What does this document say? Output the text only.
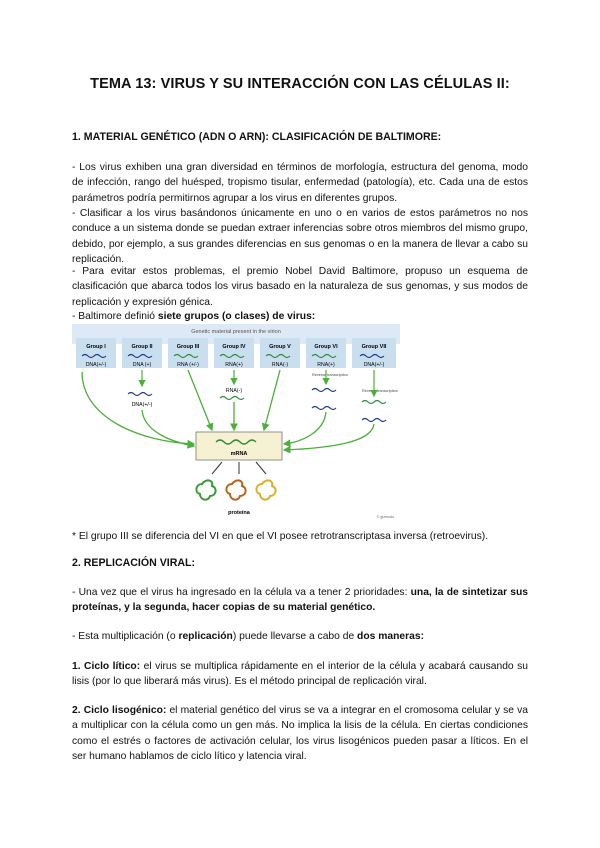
TEMA 13: VIRUS Y SU INTERACCIÓN CON LAS CÉLULAS II:
1. MATERIAL GENÉTICO (ADN O ARN): CLASIFICACIÓN DE BALTIMORE:

- Los virus exhiben una gran diversidad en términos de morfología, estructura del genoma, modo de infección, rango del huésped, tropismo tisular, enfermedad (patología), etc. Cada una de estos parámetros podría permitirnos agrupar a los virus en diferentes grupos.

- Clasificar a los virus basándonos únicamente en uno o en varios de estos parámetros no nos conduce a un sistema donde se puedan extraer inferencias sobre otros miembros del mismo grupo, debido, por ejemplo, a sus grandes diferencias en sus genomas o en la manera de llevar a cabo su replicación.

- Para evitar estos problemas, el premio Nobel David Baltimore, propuso un esquema de clasificación que abarca todos los virus basado en la naturaleza de sus genomas, y sus modos de replicación y expresión génica.

- Baltimore definió siete grupos (o clases) de virus:

Genetic material present in the virion
Group I	Group II	Group III	Group IV	Group V	Group VI	Group VII
DNA(+/-)	DNA (+)	RNA (+/-)	RNA(+)	RNA(-)	RNA(+)	DNA(+/-)
DNA(+/-)
RNA(-)
Reverse transcription
Reverse transcription
mRNA
proteína
© gizmodo

* El grupo III se diferencia del VI en que el VI posee retrotranscriptasa inversa (retroevirus).

2. REPLICACIÓN VIRAL:

- Una vez que el virus ha ingresado en la célula va a tener 2 prioridades: una, la de sintetizar sus proteínas, y la segunda, hacer copias de su material genético.

- Esta multiplicación (o replicación) puede llevarse a cabo de dos maneras:

1. Ciclo lítico: el virus se multiplica rápidamente en el interior de la célula y acabará causando su lisis (por lo que liberará más virus). Es el método principal de replicación viral.

2. Ciclo lisogénico: el material genético del virus se va a integrar en el cromosoma celular y se va a multiplicar con la célula como un gen más. No implica la lisis de la célula. En ciertas condiciones como el estrés o factores de activación celular, los virus lisogénicos pueden pasar a líticos. En el ser humano hablamos de ciclo lítico y latencia viral.
